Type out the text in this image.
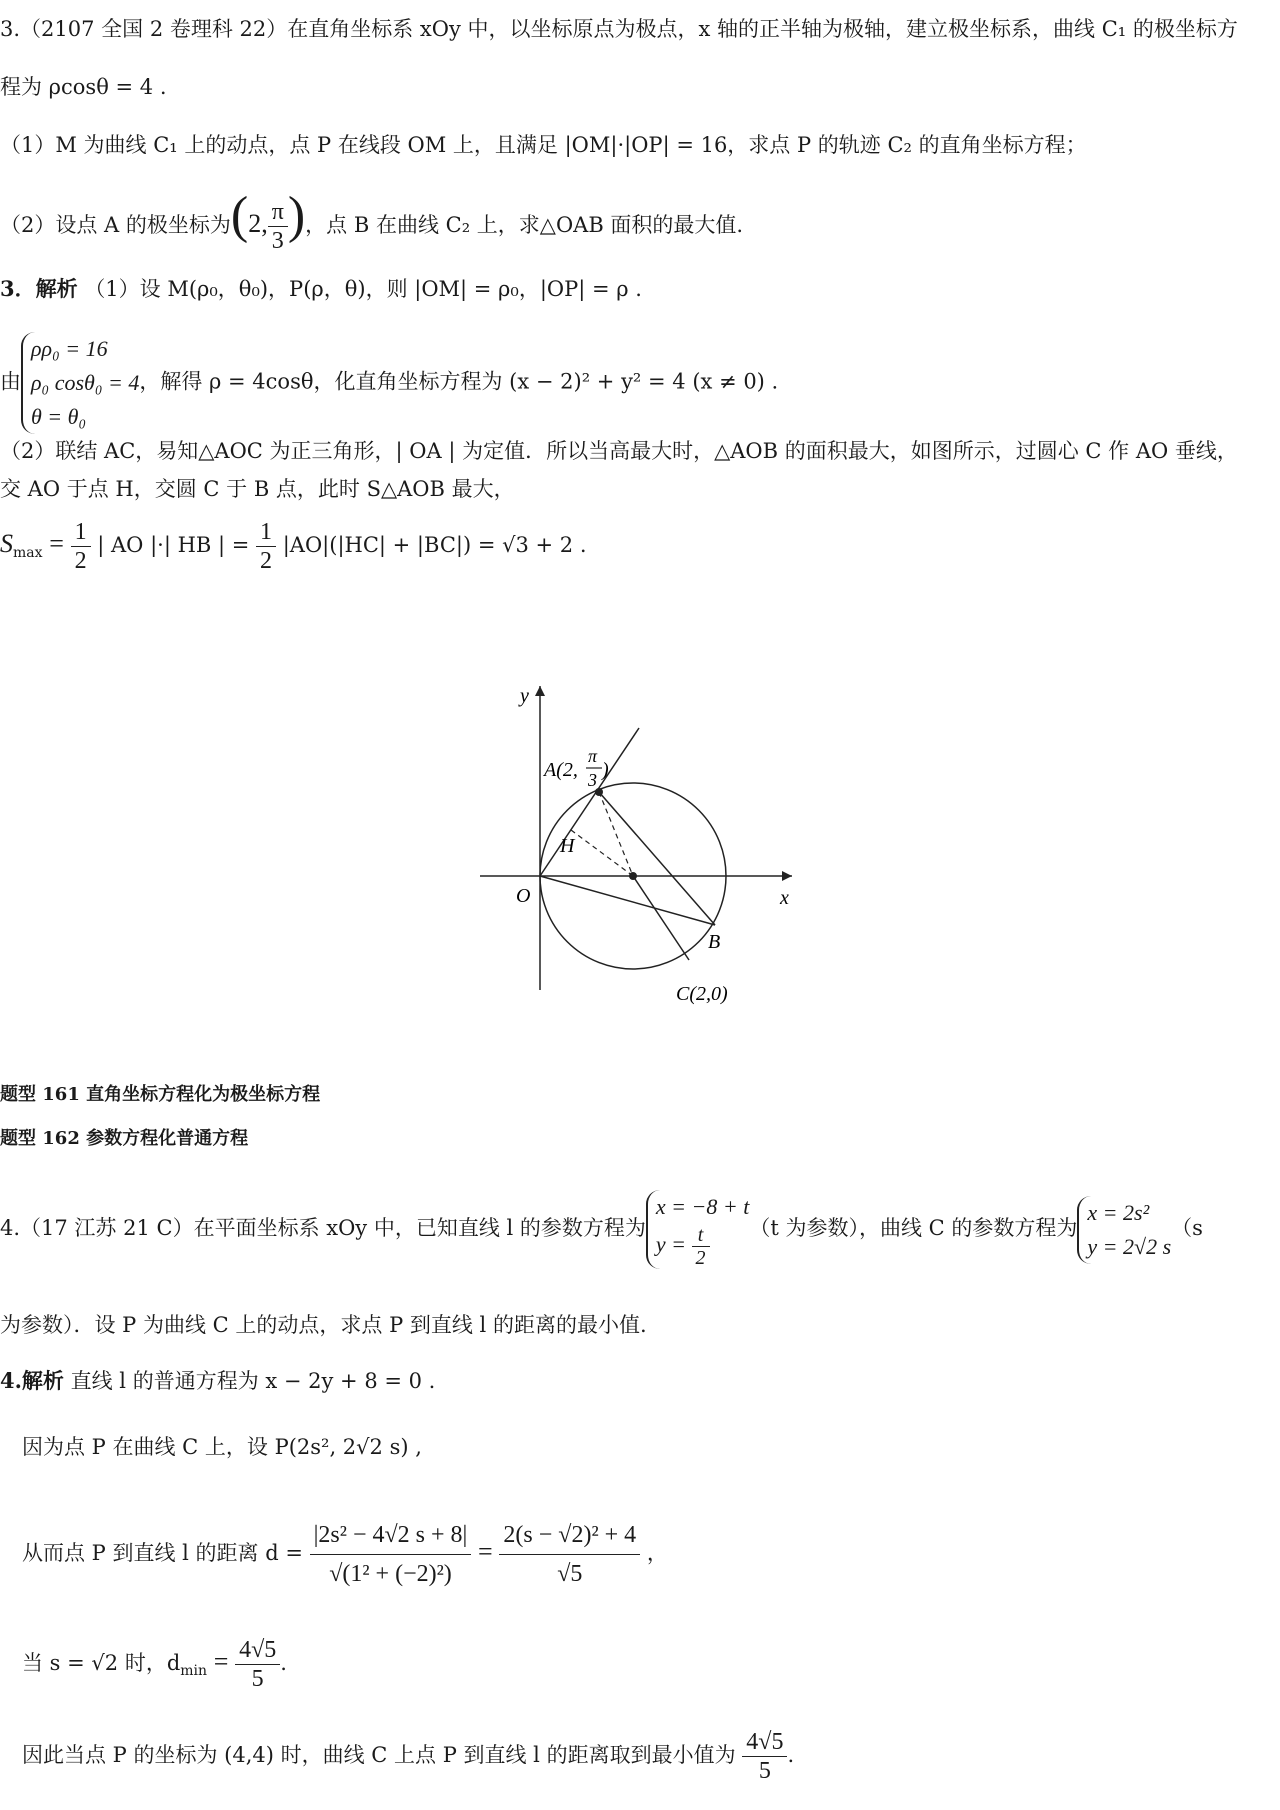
3.（2107 全国 2 卷理科 22）在直角坐标系 xOy 中，以坐标原点为极点，x 轴的正半轴为极轴，建立极坐标系，曲线 C₁ 的极坐标方
程为 ρcosθ = 4 .
（1）M 为曲线 C₁ 上的动点，点 P 在线段 OM 上，且满足 |OM|·|OP| = 16，求点 P 的轨迹 C₂ 的直角坐标方程；
（2）设点 A 的极坐标为(2, $\frac{\pi}{3}$ )，点 B 在曲线 C₂ 上，求△OAB 面积的最大值.
3．解析 （1）设 M(ρ₀，θ₀)，P(ρ，θ)，则 |OM| = ρ₀，|OP| = ρ .
由
ρρ₀ = 16
ρ₀ cosθ₀ = 4
θ = θ₀
，解得 ρ = 4cosθ，化直角坐标方程为 (x − 2)² + y² = 4 (x ≠ 0) .
（2）联结 AC，易知△AOC 为正三角形，| OA | 为定值．所以当高最大时，△AOB 的面积最大，如图所示，过圆心 C 作 AO 垂线，
交 AO 于点 H，交圆 C 于 B 点，此时 S△AOB 最大，
$S_{max} = \frac{1}{2}$ | AO |·| HB | = $\frac{1}{2} |AO|(|HC| + |BC|) = √3 + 2$ .
y
x
O
A(2,
π
3 )
H
B
C(2,0)
题型 161 直角坐标方程化为极坐标方程
题型 162 参数方程化普通方程
4.（17 江苏 21 C）在平面坐标系 xOy 中，已知直线 l 的参数方程为
x = −8 + t
$y = \frac{t}{2} (t$ 为参数），曲线 C 的参数方程为
x = 2s²
y = 2√2 s
（s
为参数）．设 P 为曲线 C 上的动点，求点 P 到直线 l 的距离的最小值.
4.解析 直线 l 的普通方程为 x − 2y + 8 = 0 .
因为点 P 在曲线 C 上，设 P(2s², 2√2 s) ,
从而点 P 到直线 l 的距离 $d = \frac{\text{|2s² − 4√2 s + 8|}}{\text{√(1² + (−2)²)}} = \frac{\text{2(s − √2)² + 4}}{√5}$ ，
当 s = √2 时，$d_{min} = \frac{4√5}{5}$ .
因此当点 P 的坐标为 (4,4) 时，曲线 C 上点 P 到直线 l 的距离取到最小值为 $\frac{4√5}{5}$ .
